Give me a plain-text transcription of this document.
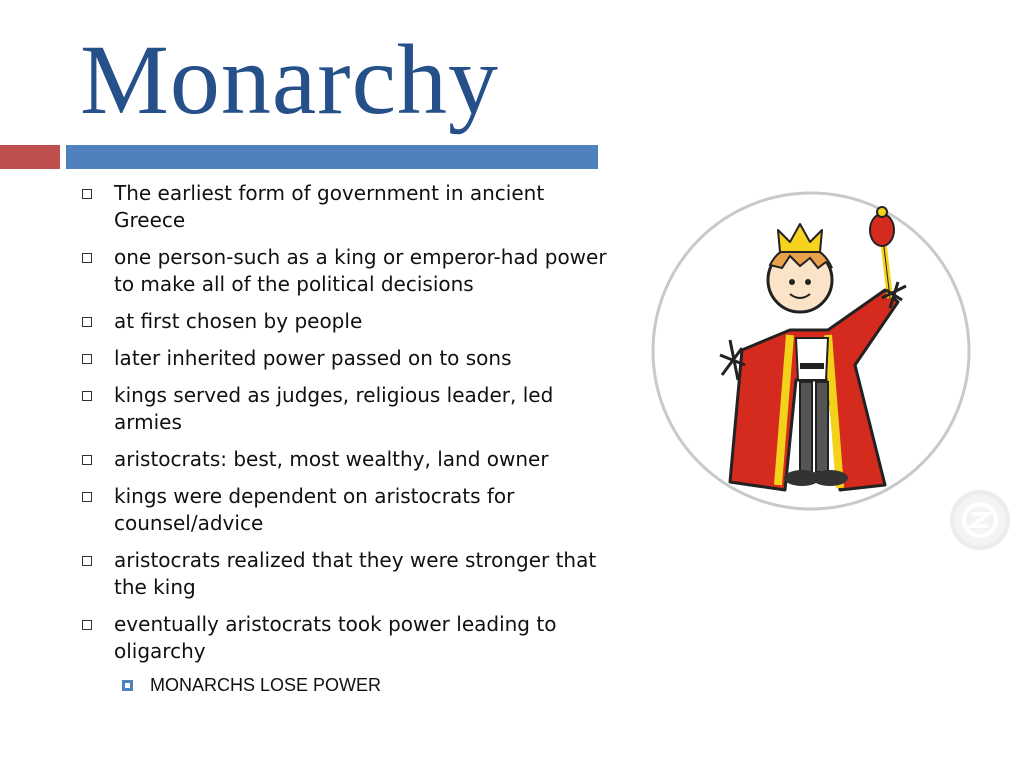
Monarchy
The earliest form of government in ancient Greece
one person-such as a king or emperor-had power to make all of the political decisions
at first chosen by people
later inherited power passed on to sons
kings served as judges, religious leader, led armies
aristocrats: best, most wealthy, land owner
kings were dependent on aristocrats for counsel/advice
aristocrats realized that they were stronger that the king
eventually aristocrats took power leading to oligarchy
MONARCHS LOSE POWER
